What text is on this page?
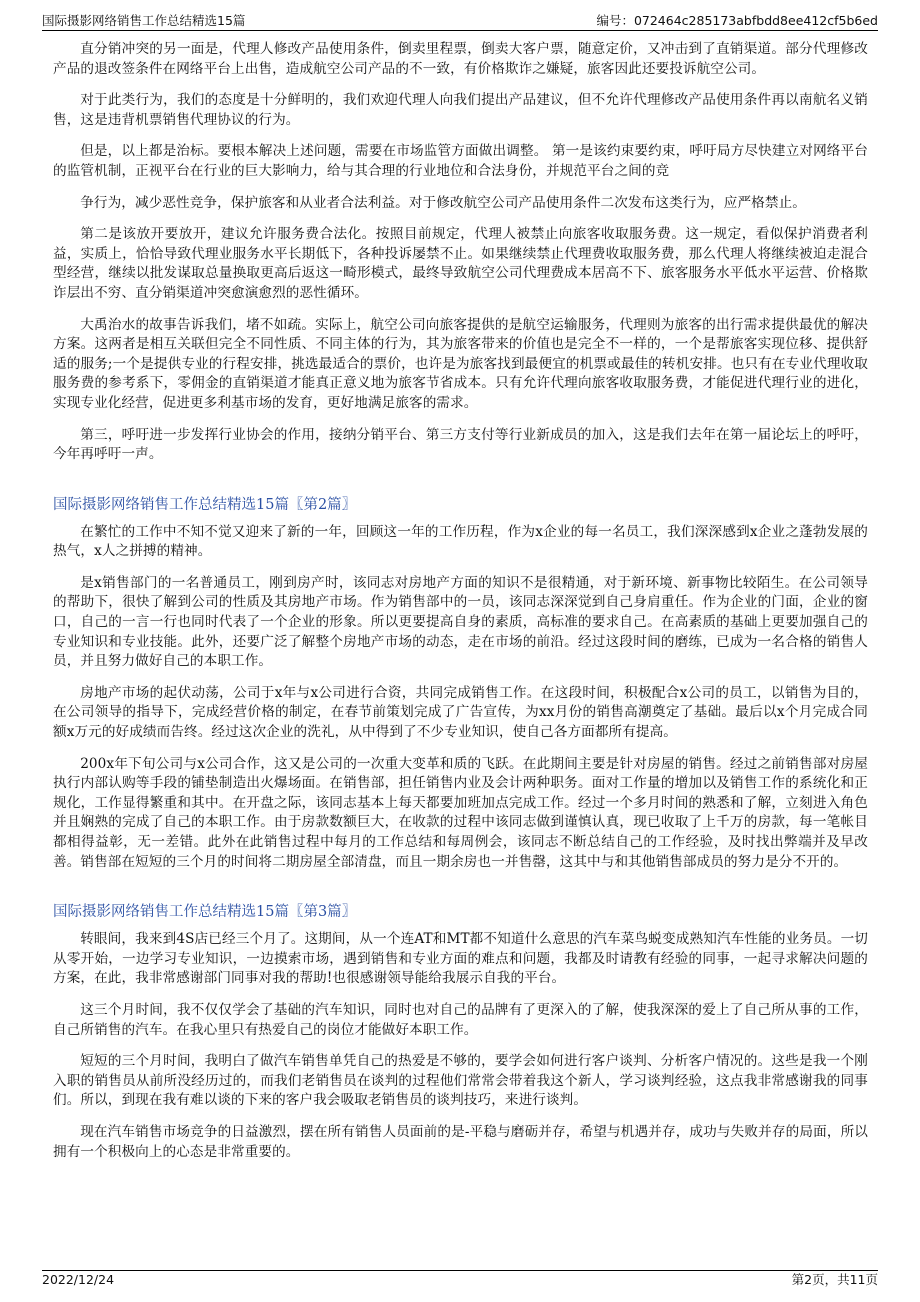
国际摄影网络销售工作总结精选15篇	编号：072464c285173abfbdd8ee412cf5b6ed

直分销冲突的另一面是，代理人修改产品使用条件，倒卖里程票，倒卖大客户票，随意定价，又冲击到了直销渠道。部分代理修改产品的退改签条件在网络平台上出售，造成航空公司产品的不一致，有价格欺诈之嫌疑，旅客因此还要投诉航空公司。

对于此类行为，我们的态度是十分鲜明的，我们欢迎代理人向我们提出产品建议，但不允许代理修改产品使用条件再以南航名义销售，这是违背机票销售代理协议的行为。

但是，以上都是治标。要根本解决上述问题，需要在市场监管方面做出调整。 第一是该约束要约束，呼吁局方尽快建立对网络平台的监管机制，正视平台在行业的巨大影响力，给与其合理的行业地位和合法身份，并规范平台之间的竞

争行为，减少恶性竞争，保护旅客和从业者合法利益。对于修改航空公司产品使用条件二次发布这类行为，应严格禁止。

第二是该放开要放开，建议允许服务费合法化。按照目前规定，代理人被禁止向旅客收取服务费。这一规定，看似保护消费者利益，实质上，恰恰导致代理业服务水平长期低下，各种投诉屡禁不止。如果继续禁止代理费收取服务费，那么代理人将继续被迫走混合型经营，继续以批发谋取总量换取更高后返这一畸形模式，最终导致航空公司代理费成本居高不下、旅客服务水平低水平运营、价格欺诈层出不穷、直分销渠道冲突愈演愈烈的恶性循环。

大禹治水的故事告诉我们，堵不如疏。实际上，航空公司向旅客提供的是航空运输服务，代理则为旅客的出行需求提供最优的解决方案。这两者是相互关联但完全不同性质、不同主体的行为，其为旅客带来的价值也是完全不一样的，一个是帮旅客实现位移、提供舒适的服务;一个是提供专业的行程安排，挑选最适合的票价，也许是为旅客找到最便宜的机票或最佳的转机安排。也只有在专业代理收取服务费的参考系下，零佣金的直销渠道才能真正意义地为旅客节省成本。只有允许代理向旅客收取服务费，才能促进代理行业的进化，实现专业化经营，促进更多利基市场的发育，更好地满足旅客的需求。

第三，呼吁进一步发挥行业协会的作用，接纳分销平台、第三方支付等行业新成员的加入，这是我们去年在第一届论坛上的呼吁，今年再呼吁一声。

国际摄影网络销售工作总结精选15篇〖第2篇〗

在繁忙的工作中不知不觉又迎来了新的一年，回顾这一年的工作历程，作为x企业的每一名员工，我们深深感到x企业之蓬勃发展的热气，x人之拼搏的精神。

是x销售部门的一名普通员工，刚到房产时，该同志对房地产方面的知识不是很精通，对于新环境、新事物比较陌生。在公司领导的帮助下，很快了解到公司的性质及其房地产市场。作为销售部中的一员，该同志深深觉到自己身肩重任。作为企业的门面，企业的窗口，自己的一言一行也同时代表了一个企业的形象。所以更要提高自身的素质，高标准的要求自己。在高素质的基础上更要加强自己的专业知识和专业技能。此外，还要广泛了解整个房地产市场的动态，走在市场的前沿。经过这段时间的磨练，已成为一名合格的销售人员，并且努力做好自己的本职工作。

房地产市场的起伏动荡，公司于x年与x公司进行合资，共同完成销售工作。在这段时间，积极配合x公司的员工，以销售为目的，在公司领导的指导下，完成经营价格的制定，在春节前策划完成了广告宣传，为xx月份的销售高潮奠定了基础。最后以x个月完成合同额x万元的好成绩而告终。经过这次企业的洗礼，从中得到了不少专业知识，使自己各方面都所有提高。

200x年下旬公司与x公司合作，这又是公司的一次重大变革和质的飞跃。在此期间主要是针对房屋的销售。经过之前销售部对房屋执行内部认购等手段的铺垫制造出火爆场面。在销售部，担任销售内业及会计两种职务。面对工作量的增加以及销售工作的系统化和正规化，工作显得繁重和其中。在开盘之际，该同志基本上每天都要加班加点完成工作。经过一个多月时间的熟悉和了解，立刻进入角色并且娴熟的完成了自己的本职工作。由于房款数额巨大，在收款的过程中该同志做到谨慎认真，现已收取了上千万的房款，每一笔帐目都相得益彰，无一差错。此外在此销售过程中每月的工作总结和每周例会，该同志不断总结自己的工作经验，及时找出弊端并及早改善。销售部在短短的三个月的时间将二期房屋全部清盘，而且一期余房也一并售罄，这其中与和其他销售部成员的努力是分不开的。

国际摄影网络销售工作总结精选15篇〖第3篇〗

转眼间，我来到4S店已经三个月了。这期间，从一个连AT和MT都不知道什么意思的汽车菜鸟蜕变成熟知汽车性能的业务员。一切从零开始，一边学习专业知识，一边摸索市场，遇到销售和专业方面的难点和问题，我都及时请教有经验的同事，一起寻求解决问题的方案，在此，我非常感谢部门同事对我的帮助!也很感谢领导能给我展示自我的平台。

这三个月时间，我不仅仅学会了基础的汽车知识，同时也对自己的品牌有了更深入的了解，使我深深的爱上了自己所从事的工作，自己所销售的汽车。在我心里只有热爱自己的岗位才能做好本职工作。

短短的三个月时间，我明白了做汽车销售单凭自己的热爱是不够的，要学会如何进行客户谈判、分析客户情况的。这些是我一个刚入职的销售员从前所没经历过的，而我们老销售员在谈判的过程他们常常会带着我这个新人，学习谈判经验，这点我非常感谢我的同事们。所以，到现在我有难以谈的下来的客户我会吸取老销售员的谈判技巧，来进行谈判。

现在汽车销售市场竞争的日益激烈，摆在所有销售人员面前的是-平稳与磨砺并存，希望与机遇并存，成功与失败并存的局面，所以拥有一个积极向上的心态是非常重要的。

2022/12/24	第2页，共11页
